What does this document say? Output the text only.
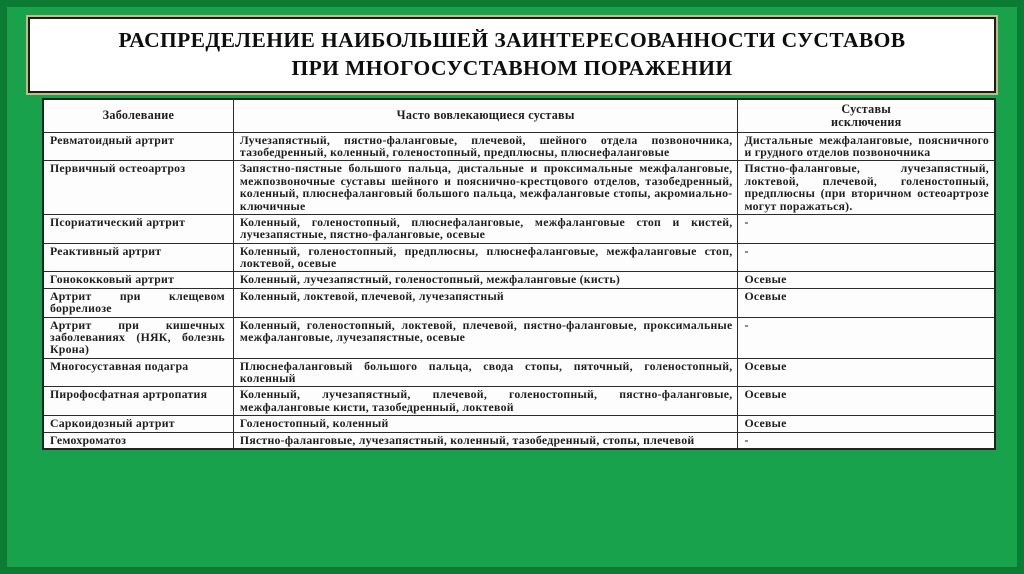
РАСПРЕДЕЛЕНИЕ НАИБОЛЬШЕЙ ЗАИНТЕРЕСОВАННОСТИ СУСТАВОВ
ПРИ МНОГОСУСТАВНОМ ПОРАЖЕНИИ
Заболевание	Часто вовлекающиеся суставы	Суставы исключения
Ревматоидный артрит	Лучезапястный, пястно-фаланговые, плечевой, шейного отдела позвоночника, тазобедренный, коленный, голеностопный, предплюсны, плюснефаланговые	Дистальные межфаланговые, поясничного и грудного отделов позвоночника
Первичный остеоартроз	Запястно-пястные большого пальца, дистальные и проксимальные межфаланговые, межпозвоночные суставы шейного и пояснично-крестцового отделов, тазобедренный, коленный, плюснефаланговый большого пальца, межфаланговые стопы, акромиально-ключичные	Пястно-фаланговые, лучезапястный, локтевой, плечевой, голеностопный, предплюсны (при вторичном остеоартрозе могут поражаться).
Псориатический артрит	Коленный, голеностопный, плюснефаланговые, межфаланговые стоп и кистей, лучезапястные, пястно-фаланговые, осевые	-
Реактивный артрит	Коленный, голеностопный, предплюсны, плюснефаланговые, межфаланговые стоп, локтевой, осевые	-
Гонококковый артрит	Коленный, лучезапястный, голеностопный, межфаланговые (кисть)	Осевые
Артрит при клещевом боррелиозе	Коленный, локтевой, плечевой, лучезапястный	Осевые
Артрит при кишечных заболеваниях (НЯК, болезнь Крона)	Коленный, голеностопный, локтевой, плечевой, пястно-фаланговые, проксимальные межфаланговые, лучезапястные, осевые	-
Многосуставная подагра	Плюснефаланговый большого пальца, свода стопы, пяточный, голеностопный, коленный	Осевые
Пирофосфатная артропатия	Коленный, лучезапястный, плечевой, голеностопный, пястно-фаланговые, межфаланговые кисти, тазобедренный, локтевой	Осевые
Саркоидозный артрит	Голеностопный, коленный	Осевые
Гемохроматоз	Пястно-фаланговые, лучезапястный, коленный, тазобедренный, стопы, плечевой	-
